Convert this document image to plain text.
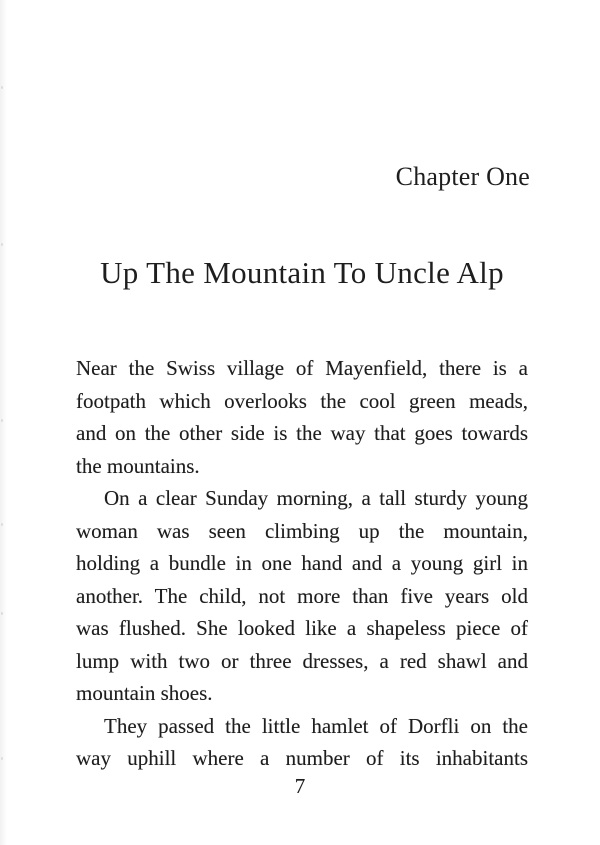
Chapter One
Up The Mountain To Uncle Alp
Near the Swiss village of Mayenfield, there is a
footpath which overlooks the cool green meads,
and on the other side is the way that goes towards
the mountains.
On a clear Sunday morning, a tall sturdy young
woman was seen climbing up the mountain,
holding a bundle in one hand and a young girl in
another. The child, not more than five years old
was flushed. She looked like a shapeless piece of
lump with two or three dresses, a red shawl and
mountain shoes.
They passed the little hamlet of Dorfli on the
way uphill where a number of its inhabitants
7
